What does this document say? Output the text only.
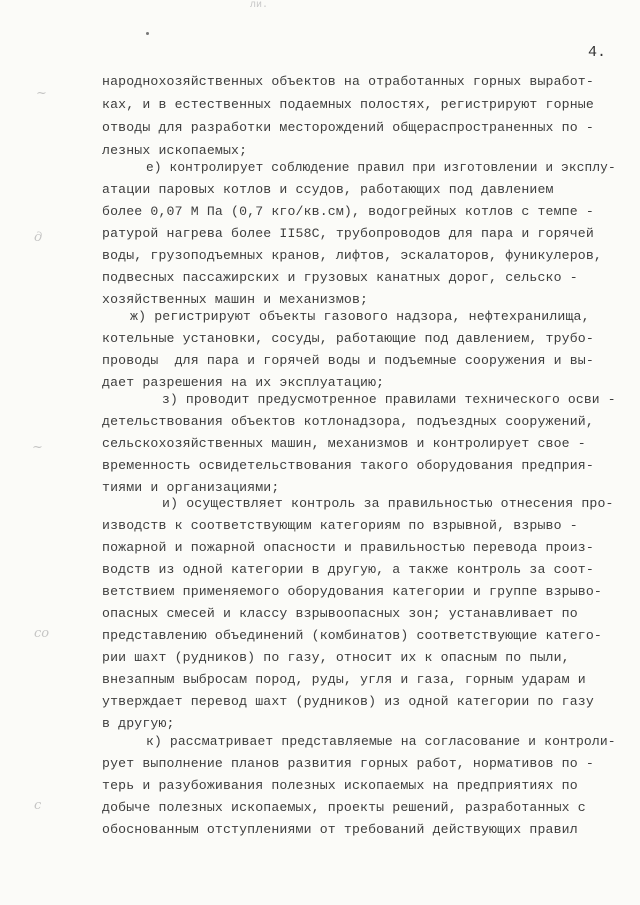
ли.
4.
~
д
~
со
с
народнохозяйственных объектов на отработанных горных выработ-
ках, и в естественных подаемных полостях, регистрируют горные
отводы для разработки месторождений общераспространенных по -
лезных ископаемых;
е) контролирует соблюдение правил при изготовлении и эксплу-
атации паровых котлов и ссудов, работающих под давлением
более 0,07 М Па (0,7 кго/кв.см), водогрейных котлов с темпе -
ратурой нагрева более II58С, трубопроводов для пара и горячей
воды, грузоподъемных кранов, лифтов, эскалаторов, фуникулеров,
подвесных пассажирских и грузовых канатных дорог, сельско -
хозяйственных машин и механизмов;
ж) регистрируют объекты газового надзора, нефтехранилища,
котельные установки, сосуды, работающие под давлением, трубо-
проводы  для пара и горячей воды и подъемные сооружения и вы-
дает разрешения на их эксплуатацию;
з) проводит предусмотренное правилами технического осви -
детельствования объектов котлонадзора, подъездных сооружений,
сельскохозяйственных машин, механизмов и контролирует свое -
временность освидетельствования такого оборудования предприя-
тиями и организациями;
и) осуществляет контроль за правильностью отнесения про-
изводств к соответствующим категориям по взрывной, взрыво -
пожарной и пожарной опасности и правильностью перевода произ-
водств из одной категории в другую, а также контроль за соот-
ветствием применяемого оборудования категории и группе взрыво-
опасных смесей и классу взрывоопасных зон; устанавливает по
представлению объединений (комбинатов) соответствующие катего-
рии шахт (рудников) по газу, относит их к опасным по пыли,
внезапным выбросам пород, руды, угля и газа, горным ударам и
утверждает перевод шахт (рудников) из одной категории по газу
в другую;
к) рассматривает представляемые на согласование и контроли-
рует выполнение планов развития горных работ, нормативов по -
терь и разубоживания полезных ископаемых на предприятиях по
добыче полезных ископаемых, проекты решений, разработанных с
обоснованным отступлениями от требований действующих правил
